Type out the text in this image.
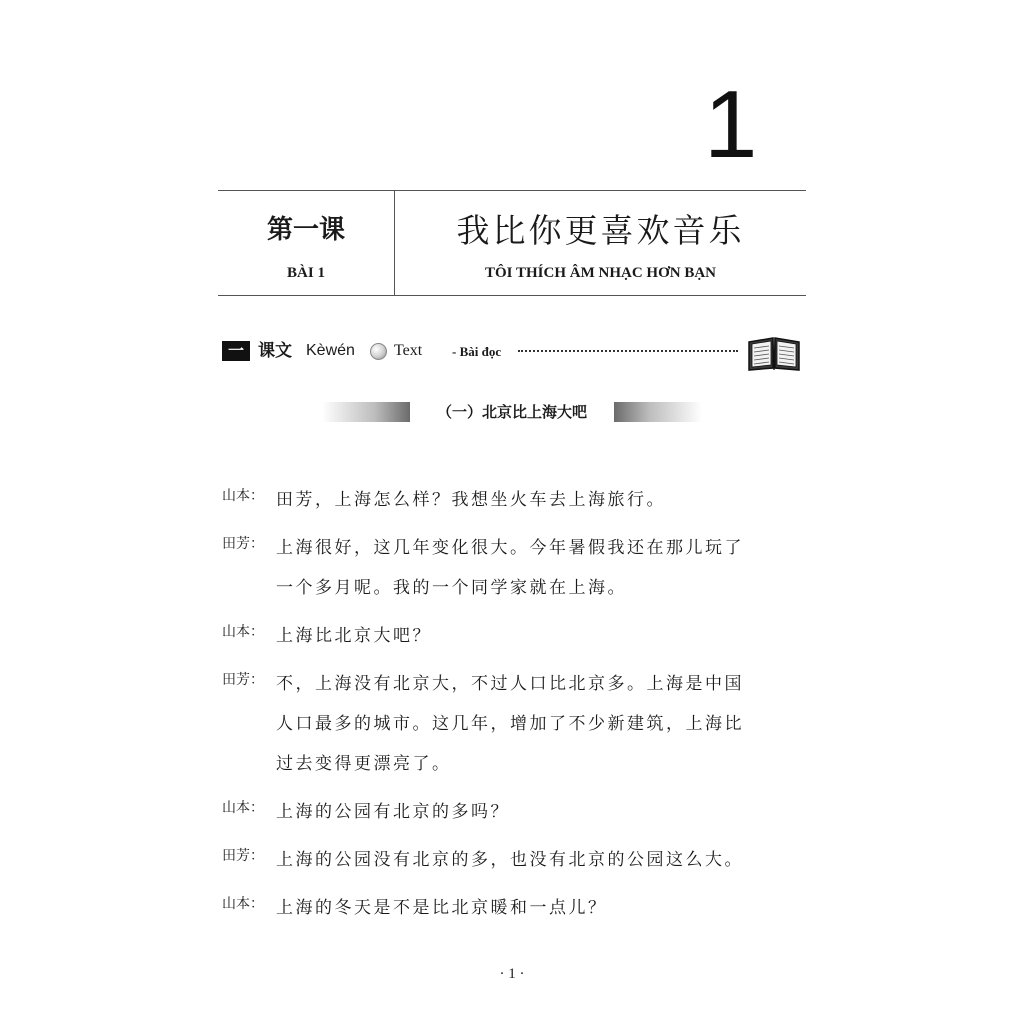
1
第一课
BÀI 1
我比你更喜欢音乐
TÔI THÍCH ÂM NHẠC HƠN BẠN
一 课文 Kèwén Text - Bài đọc
（一）北京比上海大吧
山本： 田芳，上海怎么样？我想坐火车去上海旅行。
田芳： 上海很好，这几年变化很大。今年暑假我还在那儿玩了
一个多月呢。我的一个同学家就在上海。
山本： 上海比北京大吧？
田芳： 不，上海没有北京大，不过人口比北京多。上海是中国
人口最多的城市。这几年，增加了不少新建筑，上海比
过去变得更漂亮了。
山本： 上海的公园有北京的多吗？
田芳： 上海的公园没有北京的多，也没有北京的公园这么大。
山本： 上海的冬天是不是比北京暖和一点儿？
· 1 ·
